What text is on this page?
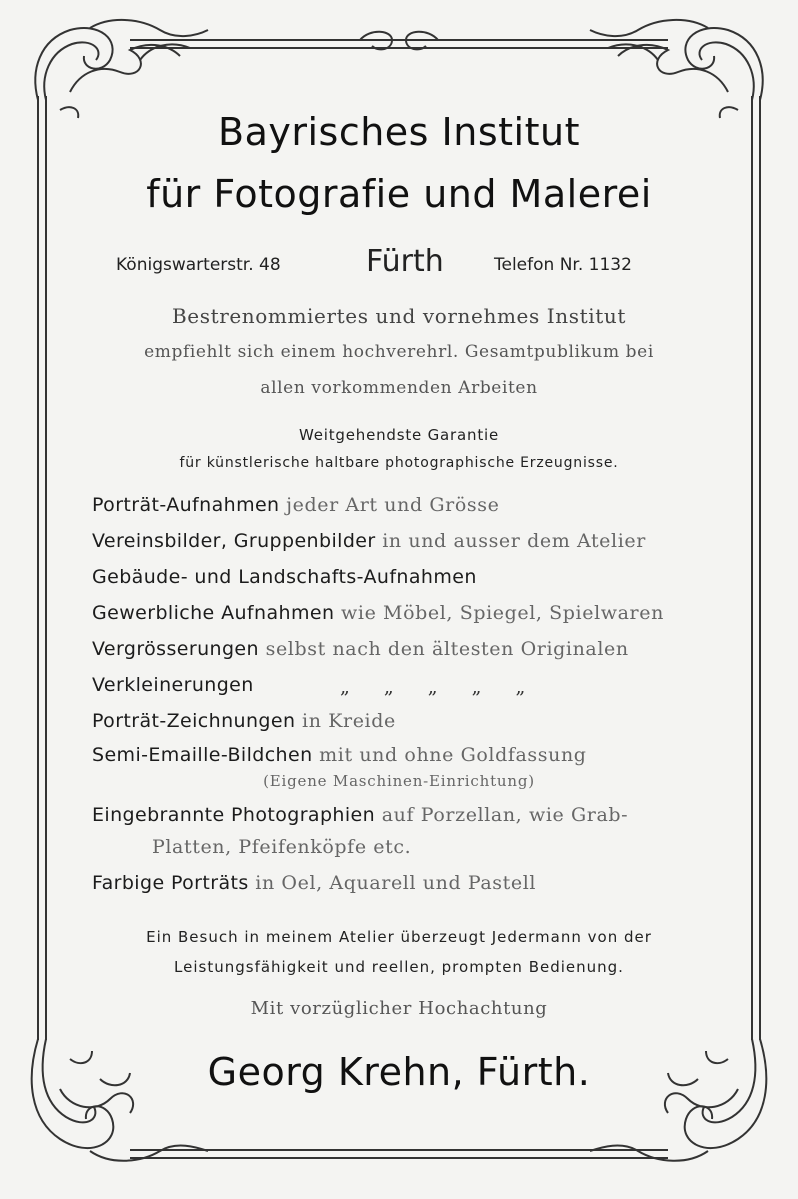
Bayrisches Institut
für Fotografie und Malerei
Königswarterstr. 48	Fürth	Telefon Nr. 1132
Bestrenommiertes und vornehmes Institut
empfiehlt sich einem hochverehrl. Gesamtpublikum bei
allen vorkommenden Arbeiten
Weitgehendste Garantie
für künstlerische haltbare photographische Erzeugnisse.
Porträt-Aufnahmen jeder Art und Grösse
Vereinsbilder, Gruppenbilder in und ausser dem Atelier
Gebäude- und Landschafts-Aufnahmen
Gewerbliche Aufnahmen wie Möbel, Spiegel, Spielwaren
Vergrösserungen selbst nach den ältesten Originalen
Verkleinerungen	„ „ „ „ „
Porträt-Zeichnungen in Kreide
Semi-Emaille-Bildchen mit und ohne Goldfassung
(Eigene Maschinen-Einrichtung)
Eingebrannte Photographien auf Porzellan, wie Grab-
Platten, Pfeifenköpfe etc.
Farbige Porträts in Oel, Aquarell und Pastell
Ein Besuch in meinem Atelier überzeugt Jedermann von der
Leistungsfähigkeit und reellen, prompten Bedienung.
Mit vorzüglicher Hochachtung
Georg Krehn, Fürth.
